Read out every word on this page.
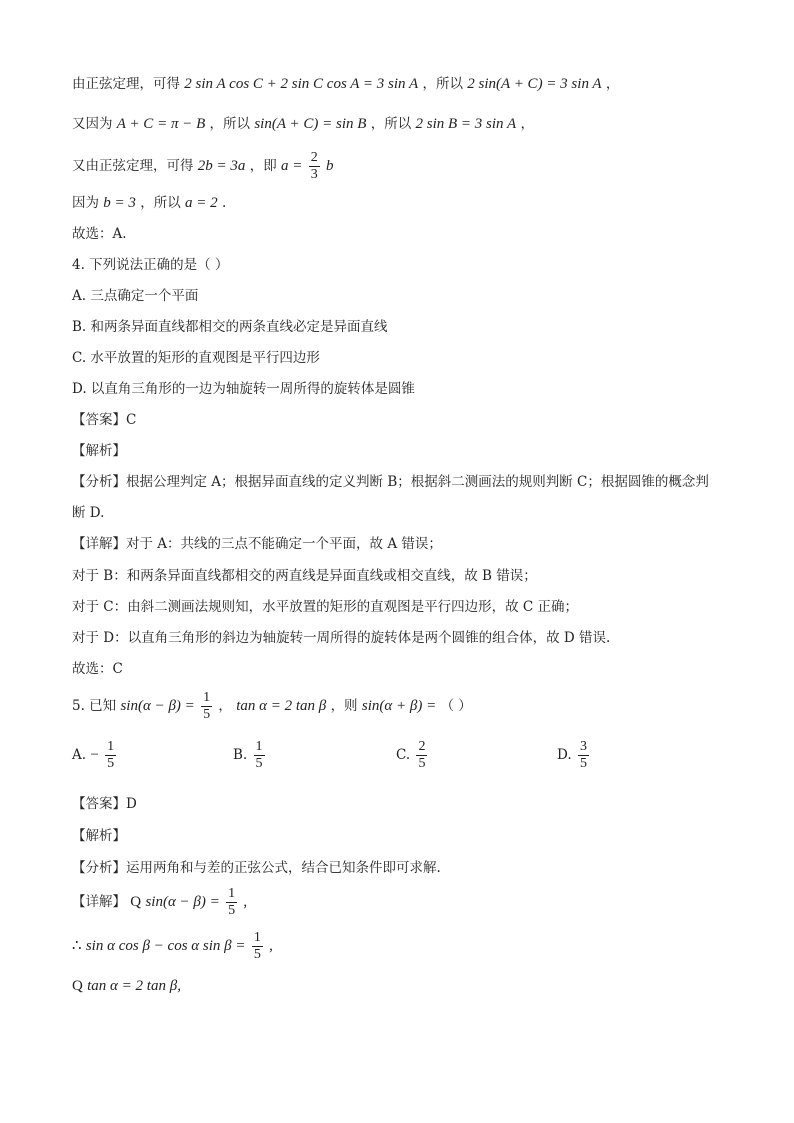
由正弦定理，可得 2 sin A cos C + 2 sin C cos A = 3 sin A ，所以 2 sin(A + C) = 3 sin A ，
又因为 A + C = π − B ，所以 sin(A + C) = sin B ，所以 2 sin B = 3 sin A ，
又由正弦定理，可得 2b = 3a ，即 $a = \frac{2}{3}$ b
因为 b = 3 ，所以 a = 2 .
故选：A.
4. 下列说法正确的是（ ）
A. 三点确定一个平面
B. 和两条异面直线都相交的两条直线必定是异面直线
C. 水平放置的矩形的直观图是平行四边形
D. 以直角三角形的一边为轴旋转一周所得的旋转体是圆锥
【答案】C
【解析】
【分析】根据公理判定 A；根据异面直线的定义判断 B；根据斜二测画法的规则判断 C；根据圆锥的概念判
断 D.
【详解】对于 A：共线的三点不能确定一个平面，故 A 错误；
对于 B：和两条异面直线都相交的两直线是异面直线或相交直线，故 B 错误；
对于 C：由斜二测画法规则知，水平放置的矩形的直观图是平行四边形，故 C 正确；
对于 D：以直角三角形的斜边为轴旋转一周所得的旋转体是两个圆锥的组合体，故 D 错误.
故选：C
5. 已知 $\sin(\alpha - \beta) = \frac{1}{5}$ ， tan α = 2 tan β ，则 sin(α + β) = （ ）
A. − $\frac{1}{5}$	B. $\frac{1}{5}$	C. $\frac{2}{5}$	D. $\frac{3}{5}$
【答案】D
【解析】
【分析】运用两角和与差的正弦公式，结合已知条件即可求解.
【详解】 Q $\sin(\alpha - \beta) = \frac{1}{5}$ ,
∴ sin α cos β − cos α $\sin \beta = \frac{1}{5}$ ,
Q tan α = 2 tan β,
